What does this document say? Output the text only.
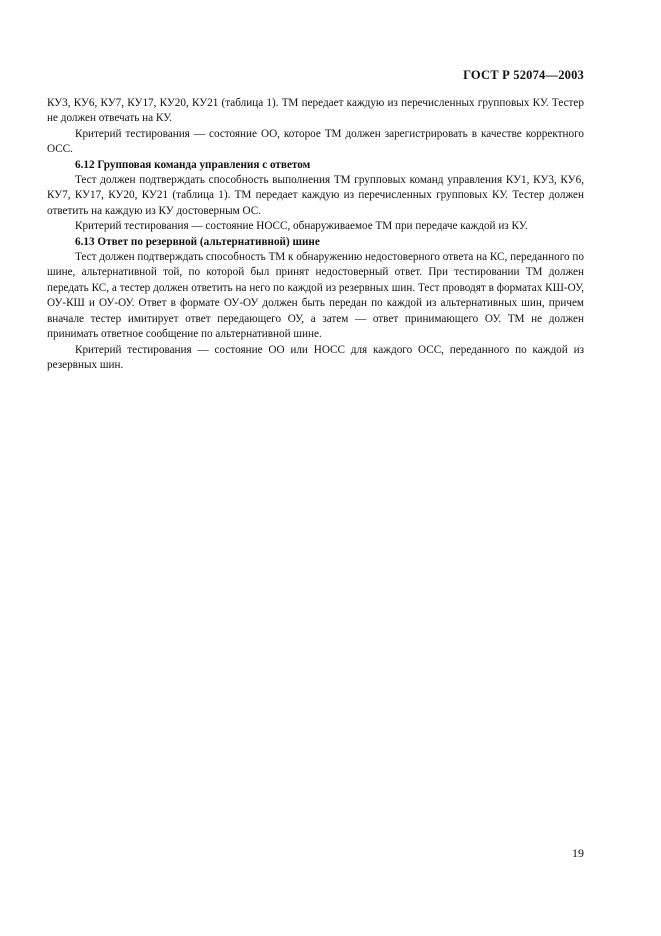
ГОСТ Р 52074—2003

КУ3, КУ6, КУ7, КУ17, КУ20, КУ21 (таблица 1). ТМ передает каждую из перечисленных групповых КУ. Тестер не должен отвечать на КУ.

Критерий тестирования — состояние ОО, которое ТМ должен зарегистрировать в качестве корректного ОСС.

6.12 Групповая команда управления с ответом

Тест должен подтверждать способность выполнения ТМ групповых команд управления КУ1, КУ3, КУ6, КУ7, КУ17, КУ20, КУ21 (таблица 1). ТМ передает каждую из перечисленных групповых КУ. Тестер должен ответить на каждую из КУ достоверным ОС.

Критерий тестирования — состояние НОСС, обнаруживаемое ТМ при передаче каждой из КУ.

6.13 Ответ по резервной (альтернативной) шине

Тест должен подтверждать способность ТМ к обнаружению недостоверного ответа на КС, переданного по шине, альтернативной той, по которой был принят недостоверный ответ. При тестировании ТМ должен передать КС, а тестер должен ответить на него по каждой из резервных шин. Тест проводят в форматах КШ-ОУ, ОУ-КШ и ОУ-ОУ. Ответ в формате ОУ-ОУ должен быть передан по каждой из альтернативных шин, причем вначале тестер имитирует ответ передающего ОУ, а затем — ответ принимающего ОУ. ТМ не должен принимать ответное сообщение по альтернативной шине.

Критерий тестирования — состояние ОО или НОСС для каждого ОСС, переданного по каждой из резервных шин.

19
